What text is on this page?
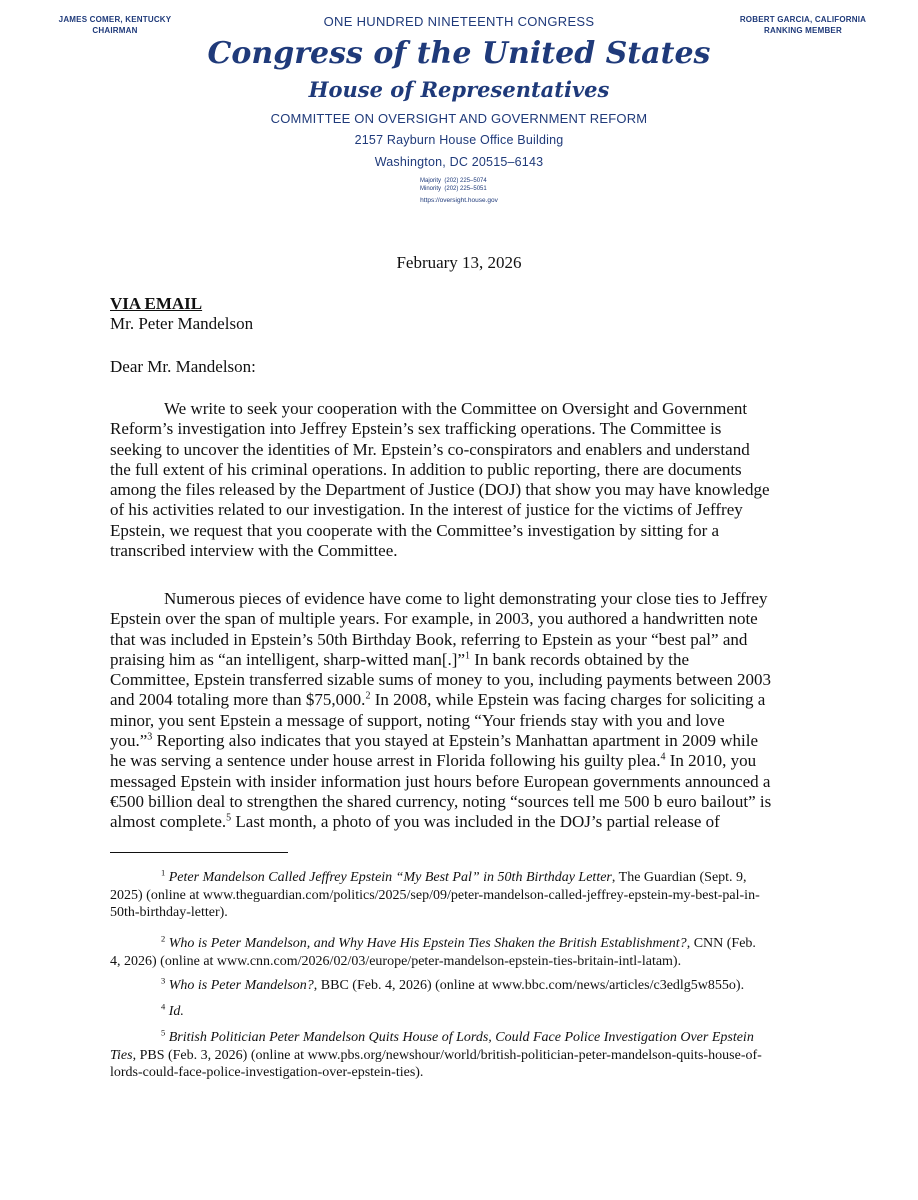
JAMES COMER, KENTUCKY
CHAIRMAN
ONE HUNDRED NINETEENTH CONGRESS	ROBERT GARCIA, CALIFORNIA
RANKING MEMBER
Congress of the United States
House of Representatives
COMMITTEE ON OVERSIGHT AND GOVERNMENT REFORM
2157 Rayburn House Office Building
Washington, DC 20515–6143
Majority (202) 225–5074
Minority (202) 225–5051
https://oversight.house.gov
February 13, 2026
VIA EMAIL
Mr. Peter Mandelson
Dear Mr. Mandelson:
We write to seek your cooperation with the Committee on Oversight and Government
Reform’s investigation into Jeffrey Epstein’s sex trafficking operations. The Committee is
seeking to uncover the identities of Mr. Epstein’s co-conspirators and enablers and understand
the full extent of his criminal operations. In addition to public reporting, there are documents
among the files released by the Department of Justice (DOJ) that show you may have knowledge
of his activities related to our investigation. In the interest of justice for the victims of Jeffrey
Epstein, we request that you cooperate with the Committee’s investigation by sitting for a
transcribed interview with the Committee.
Numerous pieces of evidence have come to light demonstrating your close ties to Jeffrey
Epstein over the span of multiple years. For example, in 2003, you authored a handwritten note
that was included in Epstein’s 50th Birthday Book, referring to Epstein as your “best pal” and
praising him as “an intelligent, sharp-witted man[.]”$^1$ In bank records obtained by the
Committee, Epstein transferred sizable sums of money to you, including payments between 2003
and 2004 totaling more than $75,000.$^2$ In 2008, while Epstein was facing charges for soliciting a
minor, you sent Epstein a message of support, noting “Your friends stay with you and love
you.”$^3$ Reporting also indicates that you stayed at Epstein’s Manhattan apartment in 2009 while
he was serving a sentence under house arrest in Florida following his guilty plea.$^4$ In 2010, you
messaged Epstein with insider information just hours before European governments announced a
€500 billion deal to strengthen the shared currency, noting “sources tell me 500 b euro bailout” is
almost complete.$^5$ Last month, a photo of you was included in the DOJ’s partial release of
$^1$ Peter Mandelson Called Jeffrey Epstein “My Best Pal” in 50th Birthday Letter, The Guardian (Sept. 9,
2025) (online at www.theguardian.com/politics/2025/sep/09/peter-mandelson-called-jeffrey-epstein-my-best-pal-in-
50th-birthday-letter).
$^2$ Who is Peter Mandelson, and Why Have His Epstein Ties Shaken the British Establishment?, CNN (Feb.
4, 2026) (online at www.cnn.com/2026/02/03/europe/peter-mandelson-epstein-ties-britain-intl-latam).
$^3$ Who is Peter Mandelson?, BBC (Feb. 4, 2026) (online at www.bbc.com/news/articles/c3edlg5w855o).
$^4$ Id.
$^5$ British Politician Peter Mandelson Quits House of Lords, Could Face Police Investigation Over Epstein
Ties, PBS (Feb. 3, 2026) (online at www.pbs.org/newshour/world/british-politician-peter-mandelson-quits-house-of-
lords-could-face-police-investigation-over-epstein-ties).
